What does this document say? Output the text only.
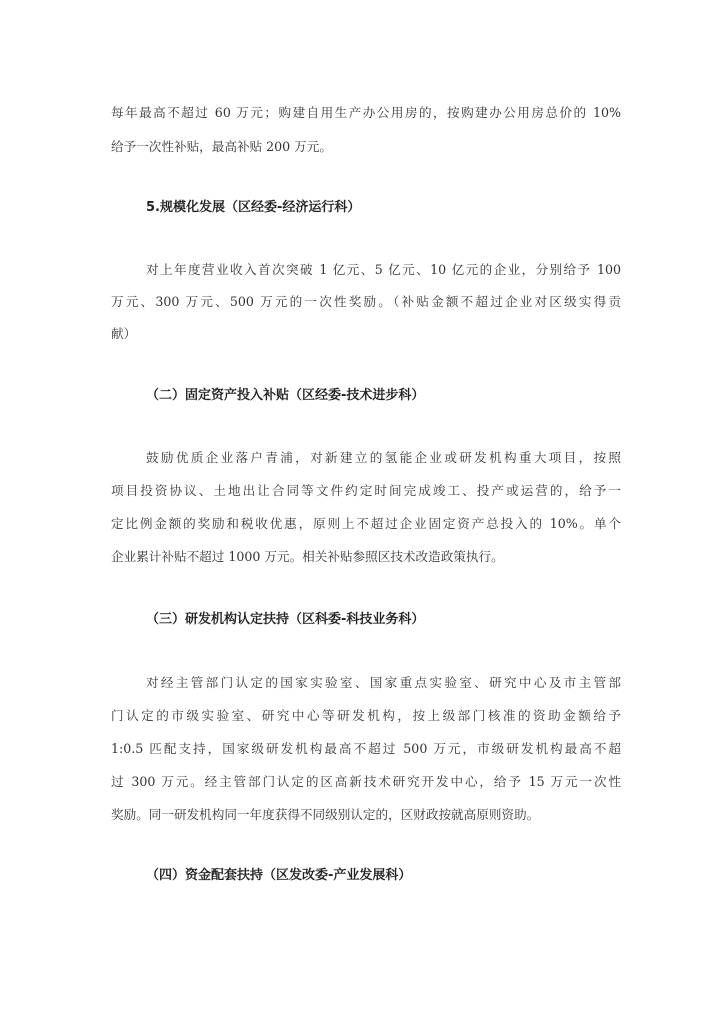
每年最高不超过 60 万元；购建自用生产办公用房的，按购建办公用房总价的 10%
给予一次性补贴，最高补贴 200 万元。
5.规模化发展（区经委-经济运行科）
对上年度营业收入首次突破 1 亿元、5 亿元、10 亿元的企业，分别给予 100
万元、300 万元、500 万元的一次性奖励。（补贴金额不超过企业对区级实得贡
献）
（二）固定资产投入补贴（区经委-技术进步科）
鼓励优质企业落户青浦，对新建立的氢能企业或研发机构重大项目，按照
项目投资协议、土地出让合同等文件约定时间完成竣工、投产或运营的，给予一
定比例金额的奖励和税收优惠，原则上不超过企业固定资产总投入的 10%。单个
企业累计补贴不超过 1000 万元。相关补贴参照区技术改造政策执行。
（三）研发机构认定扶持（区科委-科技业务科）
对经主管部门认定的国家实验室、国家重点实验室、研究中心及市主管部
门认定的市级实验室、研究中心等研发机构，按上级部门核准的资助金额给予
1:0.5 匹配支持，国家级研发机构最高不超过 500 万元，市级研发机构最高不超
过 300 万元。经主管部门认定的区高新技术研究开发中心，给予 15 万元一次性
奖励。同一研发机构同一年度获得不同级别认定的，区财政按就高原则资助。
（四）资金配套扶持（区发改委-产业发展科）
